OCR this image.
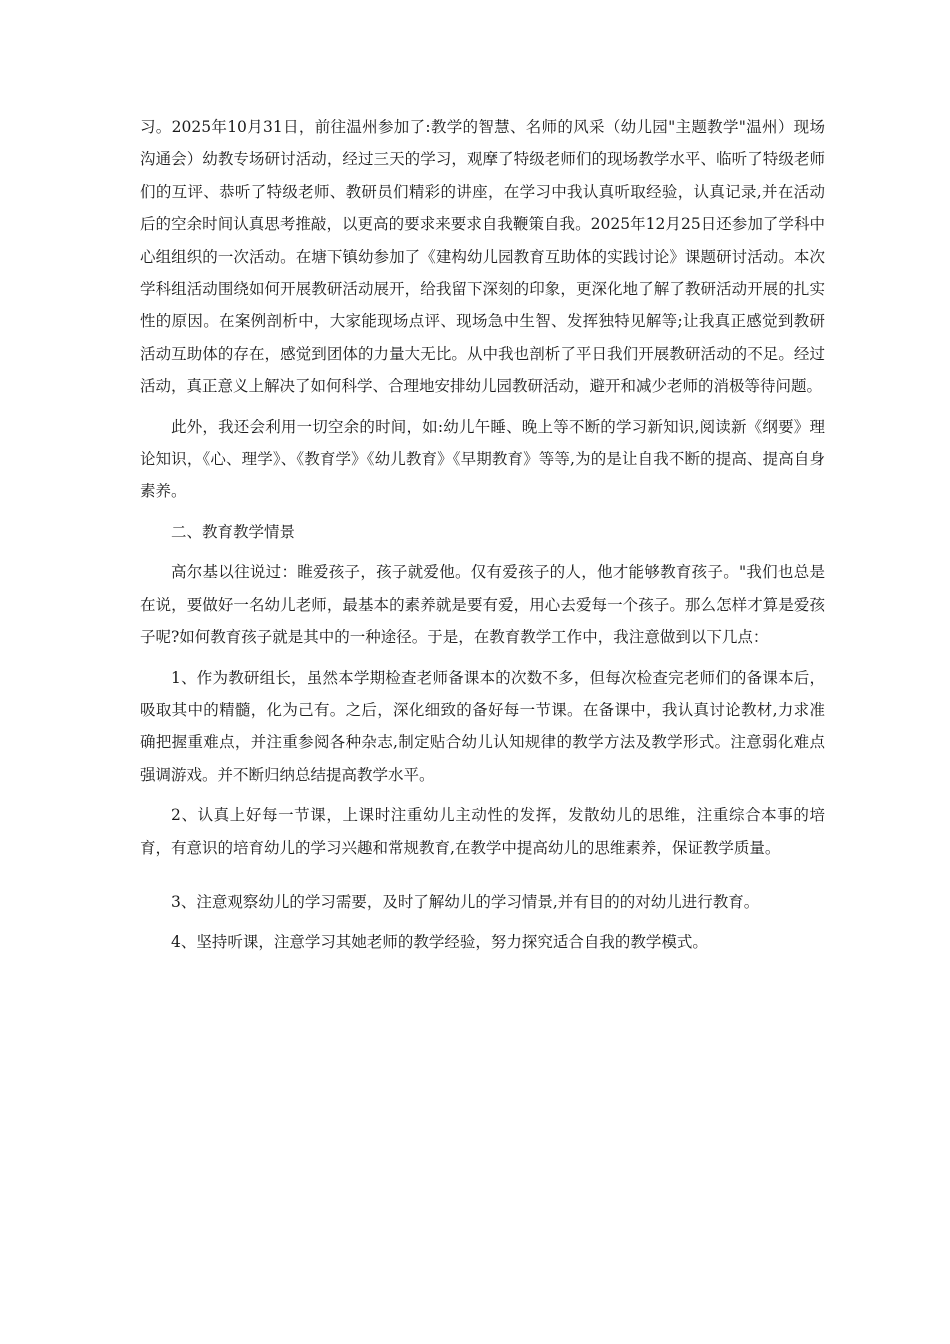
习。2025年10月31日，前往温州参加了:教学的智慧、名师的风采（幼儿园"主题教学"温州）现场沟通会）幼教专场研讨活动，经过三天的学习，观摩了特级老师们的现场教学水平、临听了特级老师们的互评、恭听了特级老师、教研员们精彩的讲座，在学习中我认真听取经验，认真记录,并在活动后的空余时间认真思考推敲，以更高的要求来要求自我鞭策自我。2025年12月25日还参加了学科中心组组织的一次活动。在塘下镇幼参加了《建构幼儿园教育互助体的实践讨论》课题研讨活动。本次学科组活动围绕如何开展教研活动展开，给我留下深刻的印象，更深化地了解了教研活动开展的扎实性的原因。在案例剖析中，大家能现场点评、现场急中生智、发挥独特见解等;让我真正感觉到教研活动互助体的存在，感觉到团体的力量大无比。从中我也剖析了平日我们开展教研活动的不足。经过活动，真正意义上解决了如何科学、合理地安排幼儿园教研活动，避开和减少老师的消极等待问题。

此外，我还会利用一切空余的时间，如:幼儿午睡、晚上等不断的学习新知识,阅读新《纲要》理论知识，《心、理学》、《教育学》《幼儿教育》《早期教育》等等,为的是让自我不断的提高、提高自身素养。

二、教育教学情景

高尔基以往说过：睢爱孩子，孩子就爱他。仅有爱孩子的人，他才能够教育孩子。"我们也总是在说，要做好一名幼儿老师，最基本的素养就是要有爱，用心去爱每一个孩子。那么怎样才算是爱孩子呢?如何教育孩子就是其中的一种途径。于是，在教育教学工作中，我注意做到以下几点：

1、作为教研组长，虽然本学期检查老师备课本的次数不多，但每次检查完老师们的备课本后，吸取其中的精髓，化为己有。之后，深化细致的备好每一节课。在备课中，我认真讨论教材,力求准确把握重难点，并注重参阅各种杂志,制定贴合幼儿认知规律的教学方法及教学形式。注意弱化难点强调游戏。并不断归纳总结提高教学水平。

2、认真上好每一节课，上课时注重幼儿主动性的发挥，发散幼儿的思维，注重综合本事的培育，有意识的培育幼儿的学习兴趣和常规教育,在教学中提高幼儿的思维素养，保证教学质量。

3、注意观察幼儿的学习需要，及时了解幼儿的学习情景,并有目的的对幼儿进行教育。

4、坚持听课，注意学习其她老师的教学经验，努力探究适合自我的教学模式。
